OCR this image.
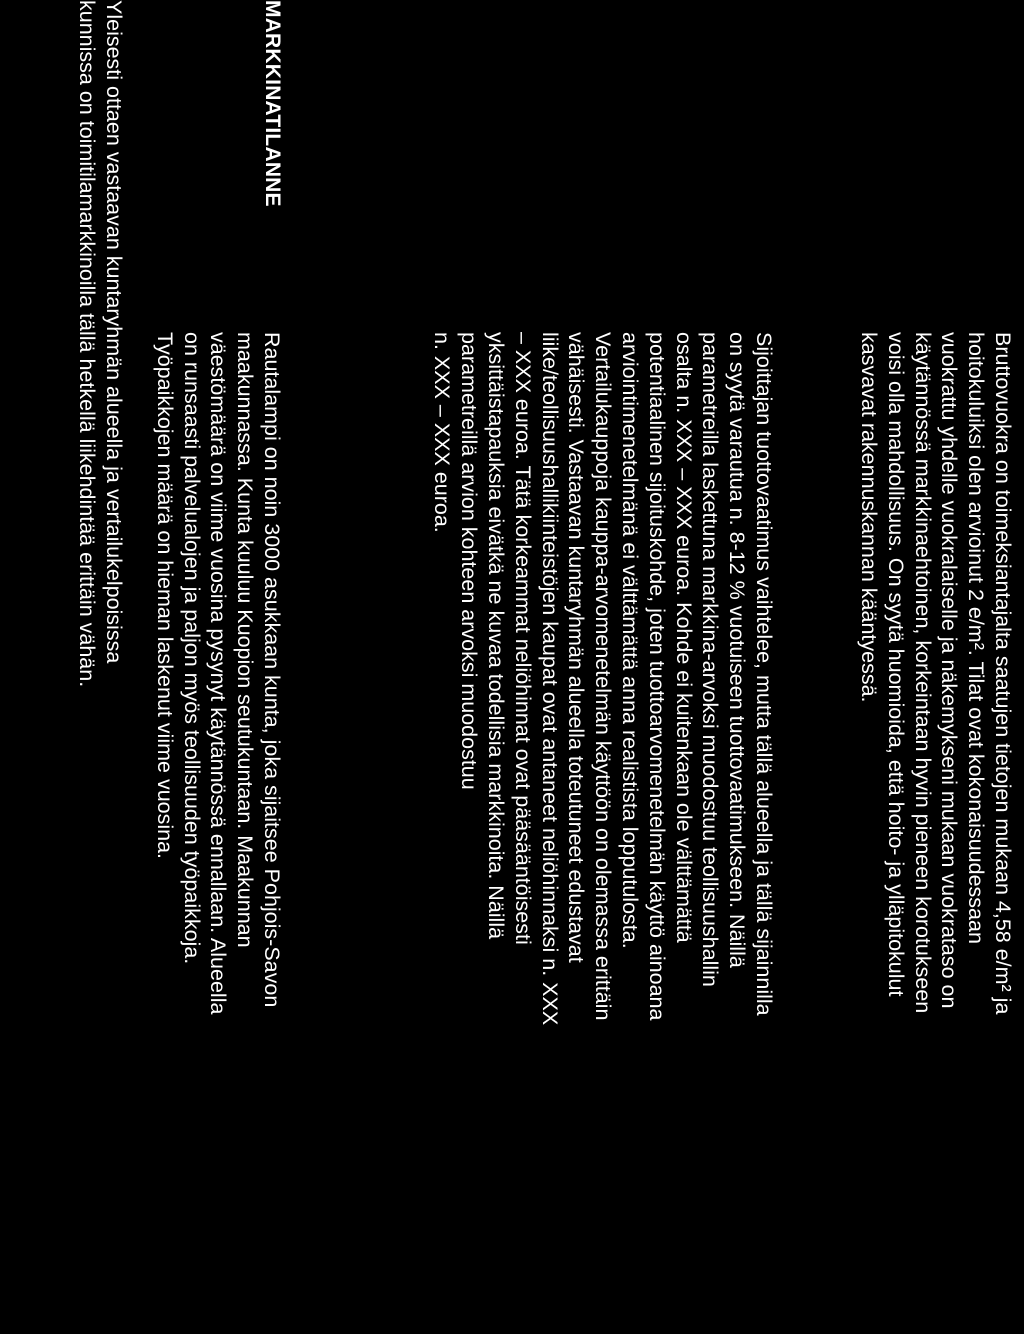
Bruttovuokra on toimeksiantajalta saatujen tietojen mukaan 4,58 e/m² ja
hoitokuluiksi olen arvioinut 2 e/m². Tilat ovat kokonaisuudessaan
vuokrattu yhdelle vuokralaiselle ja näkemykseni mukaan vuokrataso on
käytännössä markkinaehtoinen, korkeintaan hyvin pieneen korotukseen
voisi olla mahdollisuus. On syytä huomioida, että hoito- ja ylläpitokulut
kasvavat rakennuskannan kääntyessä.
Sijoittajan tuottovaatimus vaihtelee, mutta tällä alueella ja tällä sijainnilla
on syytä varautua n. 8-12 % vuotuiseen tuottovaatimukseen. Näillä
parametreilla laskettuna markkina-arvoksi muodostuu teollisuushallin
osalta n. XXX – XXX euroa. Kohde ei kuitenkaan ole välttämättä
potentiaalinen sijoituskohde, joten tuottoarvomenetelmän käyttö ainoana
arviointimenetelmänä ei välttämättä anna realistista lopputulosta.
Vertailukauppoja kauppa-arvomenetelmän käyttöön on olemassa erittäin
vähäisesti. Vastaavan kuntaryhmän alueella toteutuneet edustavat
liike/teollisuushallikiinteistöjen kaupat ovat antaneet neliöhinnaksi n. XXX
– XXX euroa. Tätä korkeammat neliöhinnat ovat pääsääntöisesti
yksittäistapauksia eivätkä ne kuvaa todellisia markkinoita. Näillä
parametreillä arvion kohteen arvoksi muodostuu
n. XXX – XXX euroa.
MARKKINATILANNE
Rautalampi on noin 3000 asukkaan kunta, joka sijaitsee Pohjois-Savon
maakunnassa. Kunta kuuluu Kuopion seutukuntaan. Maakunnan
väestömäärä on viime vuosina pysynyt käytännössä ennallaan. Alueella
on runsaasti palvelualojen ja paljon myös teollisuuden työpaikkoja.
Työpaikkojen määrä on hieman laskenut viime vuosina.
Yleisesti ottaen vastaavan kuntaryhmän alueella ja vertailukelpoisissa
kunnissa on toimitilamarkkinoilla tällä hetkellä liikehdintää erittäin vähän.
